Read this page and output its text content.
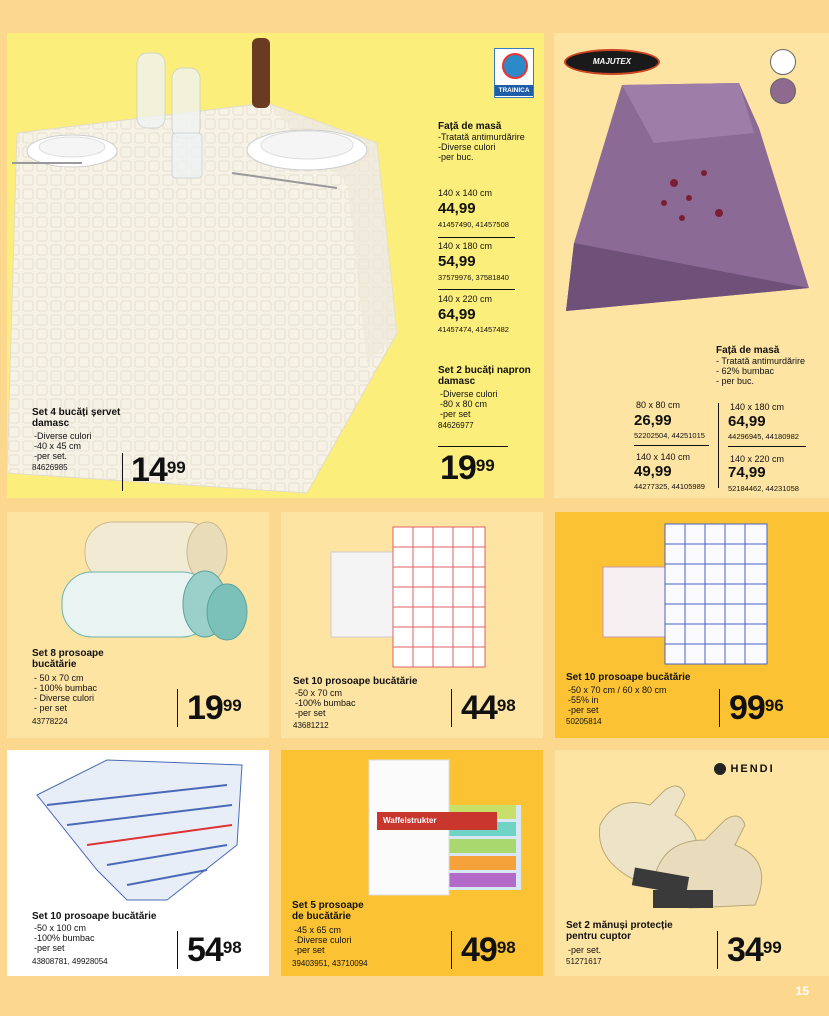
TRAINICA
Față de masă
-Tratată antimurdărire
-Diverse culori
-per buc.
140 x 140 cm
44,99
41457490, 41457508
140 x 180 cm
54,99
37579976, 37581840
140 x 220 cm
64,99
41457474, 41457482
Set 2 bucăți napron damasc
-Diverse culori
-80 x 80 cm
-per set
84626977
$19^{99}$
Set 4 bucăți șervet damasc
-Diverse culori
-40 x 45 cm
-per set.
84626985 $14^{99}$
MAJUTEX
Față de masă
- Tratată antimurdărire
- 62% bumbac
- per buc.
80 x 80 cm
26,99
52202504, 44251015
140 x 180 cm
64,99
44296945, 44180982
140 x 140 cm
49,99
44277325, 44105989
140 x 220 cm
74,99
52184462, 44231058
Set 8 prosoape bucătărie
- 50 x 70 cm
- 100% bumbac
- Diverse culori
- per set
43778224	$19^{99}$
Set 10 prosoape bucătărie
-50 x 70 cm
-100% bumbac
-per set
43681212	$44^{98}$
Set 10 prosoape bucătărie
-50 x 70 cm / 60 x 80 cm
-55% in
-per set
50205814	$99^{96}$
Set 10 prosoape bucătărie
-50 x 100 cm
-100% bumbac
-per set
43808781, 49928054 $54^{98}$
Waffelstrukter
Set 5 prosoape de bucătărie
-45 x 65 cm
-Diverse culori
-per set
39403951, 43710094	$49^{98}$
HENDI
Set 2 mănuși protecție pentru cuptor
-per set.
51271617	$34^{99}$
15
